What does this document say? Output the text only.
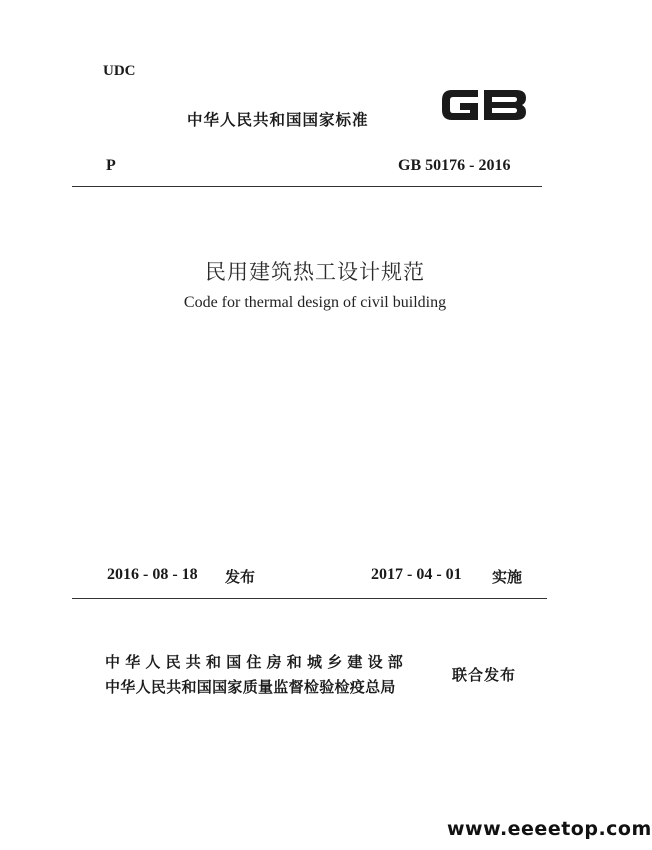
UDC
中华人民共和国国家标准
P	GB 50176 - 2016
民用建筑热工设计规范
Code for thermal design of civil building
2016 - 08 - 18 发布	2017 - 04 - 01 实施
中华人民共和国住房和城乡建设部
中华人民共和国国家质量监督检验检疫总局
联合发布
www.eeeetop.com
